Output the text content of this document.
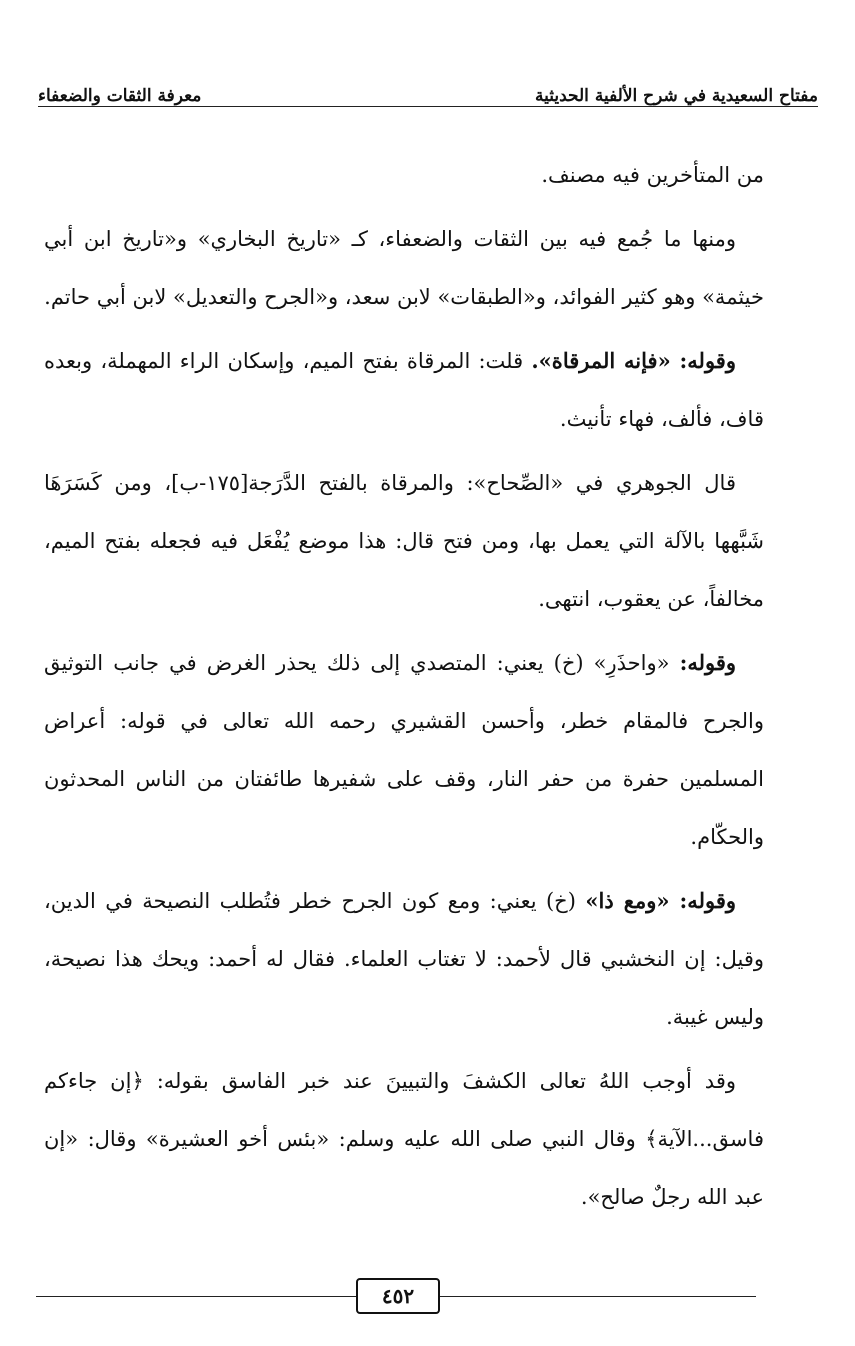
مفتاح السعيدية في شرح الألفية الحديثية
معرفة الثقات والضعفاء

من المتأخرين فيه مصنف.

ومنها ما جُمع فيه بين الثقات والضعفاء، كـ «تاريخ البخاري» و«تاريخ ابن أبي خيثمة» وهو كثير الفوائد، و«الطبقات» لابن سعد، و«الجرح والتعديل» لابن أبي حاتم.

وقوله: «فإنه المرقاة». قلت: المرقاة بفتح الميم، وإسكان الراء المهملة، وبعده قاف، فألف، فهاء تأنيث.

قال الجوهري في «الصِّحاح»: والمرقاة بالفتح الدَّرَجة[١٧٥-ب]، ومن كَسَرَهَا شَبَّهها بالآلة التي يعمل بها، ومن فتح قال: هذا موضع يُفْعَل فيه فجعله بفتح الميم، مخالفاً، عن يعقوب، انتهى.

وقوله: «واحذَرِ» (خ) يعني: المتصدي إلى ذلك يحذر الغرض في جانب التوثيق والجرح فالمقام خطر، وأحسن القشيري رحمه الله تعالى في قوله: أعراض المسلمين حفرة من حفر النار، وقف على شفيرها طائفتان من الناس المحدثون والحكّام.

وقوله: «ومع ذا» (خ) يعني: ومع كون الجرح خطر فتُطلب النصيحة في الدين، وقيل: إن النخشبي قال لأحمد: لا تغتاب العلماء. فقال له أحمد: ويحك هذا نصيحة، وليس غيبة.

وقد أوجب اللهُ تعالى الكشفَ والتبيينَ عند خبر الفاسق بقوله: ﴿إن جاءكم فاسق...الآية﴾ وقال النبي صلى الله عليه وسلم: «بئس أخو العشيرة» وقال: «إن عبد الله رجلٌ صالح».

٤٥٢
